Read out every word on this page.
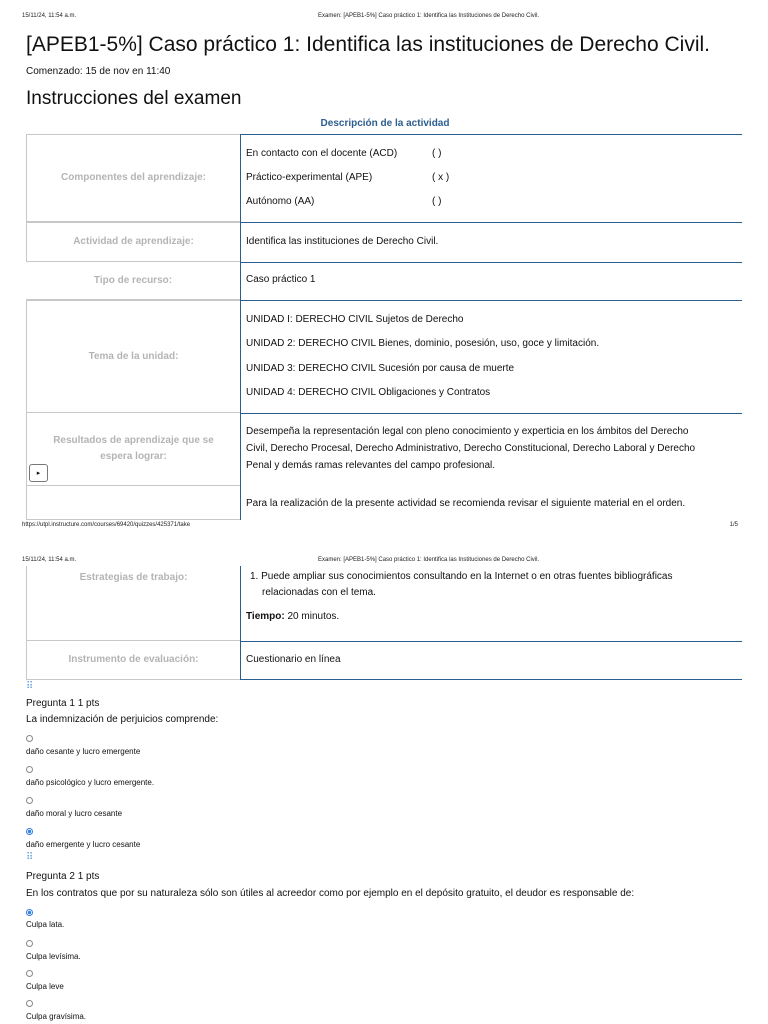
15/11/24, 11:54 a.m.	Examen: [APEB1-5%] Caso práctico 1: Identifica las Instituciones de Derecho Civil.
[APEB1-5%] Caso práctico 1: Identifica las instituciones de Derecho Civil.
Comenzado: 15 de nov en 11:40
Instrucciones del examen
Descripción de la actividad
Componentes del aprendizaje:
En contacto con el docente (ACD)	( )
Práctico-experimental (APE)	( x )
Autónomo (AA)	( )
Actividad de aprendizaje:	Identifica las instituciones de Derecho Civil.
Tipo de recurso:	Caso práctico 1
Tema de la unidad:
UNIDAD I: DERECHO CIVIL Sujetos de Derecho
UNIDAD 2: DERECHO CIVIL Bienes, dominio, posesión, uso, goce y limitación.
UNIDAD 3: DERECHO CIVIL Sucesión por causa de muerte
UNIDAD 4: DERECHO CIVIL Obligaciones y Contratos
Resultados de aprendizaje que se espera lograr:
Desempeña la representación legal con pleno conocimiento y experticia en los ámbitos del Derecho
Civil, Derecho Procesal, Derecho Administrativo, Derecho Constitucional, Derecho Laboral y Derecho
Penal y demás ramas relevantes del campo profesional.
▸
Para la realización de la presente actividad se recomienda revisar el siguiente material en el orden.
https://utpl.instructure.com/courses/69420/quizzes/425371/take	1/5
15/11/24, 11:54 a.m.	Examen: [APEB1-5%] Caso práctico 1: Identifica las Instituciones de Derecho Civil.
Estrategias de trabajo:	1. Puede ampliar sus conocimientos consultando en la Internet o en otras fuentes bibliográficas
relacionadas con el tema.
Tiempo: 20 minutos.
Instrumento de evaluación:	Cuestionario en línea
⠿
Pregunta 1 1 pts
La indemnización de perjuicios comprende:
daño cesante y lucro emergente
daño psicológico y lucro emergente.
daño moral y lucro cesante
daño emergente y lucro cesante
⠿
Pregunta 2 1 pts
En los contratos que por su naturaleza sólo son útiles al acreedor como por ejemplo en el depósito gratuito, el deudor es responsable de:
Culpa lata.
Culpa levísima.
Culpa leve
Culpa gravísima.
